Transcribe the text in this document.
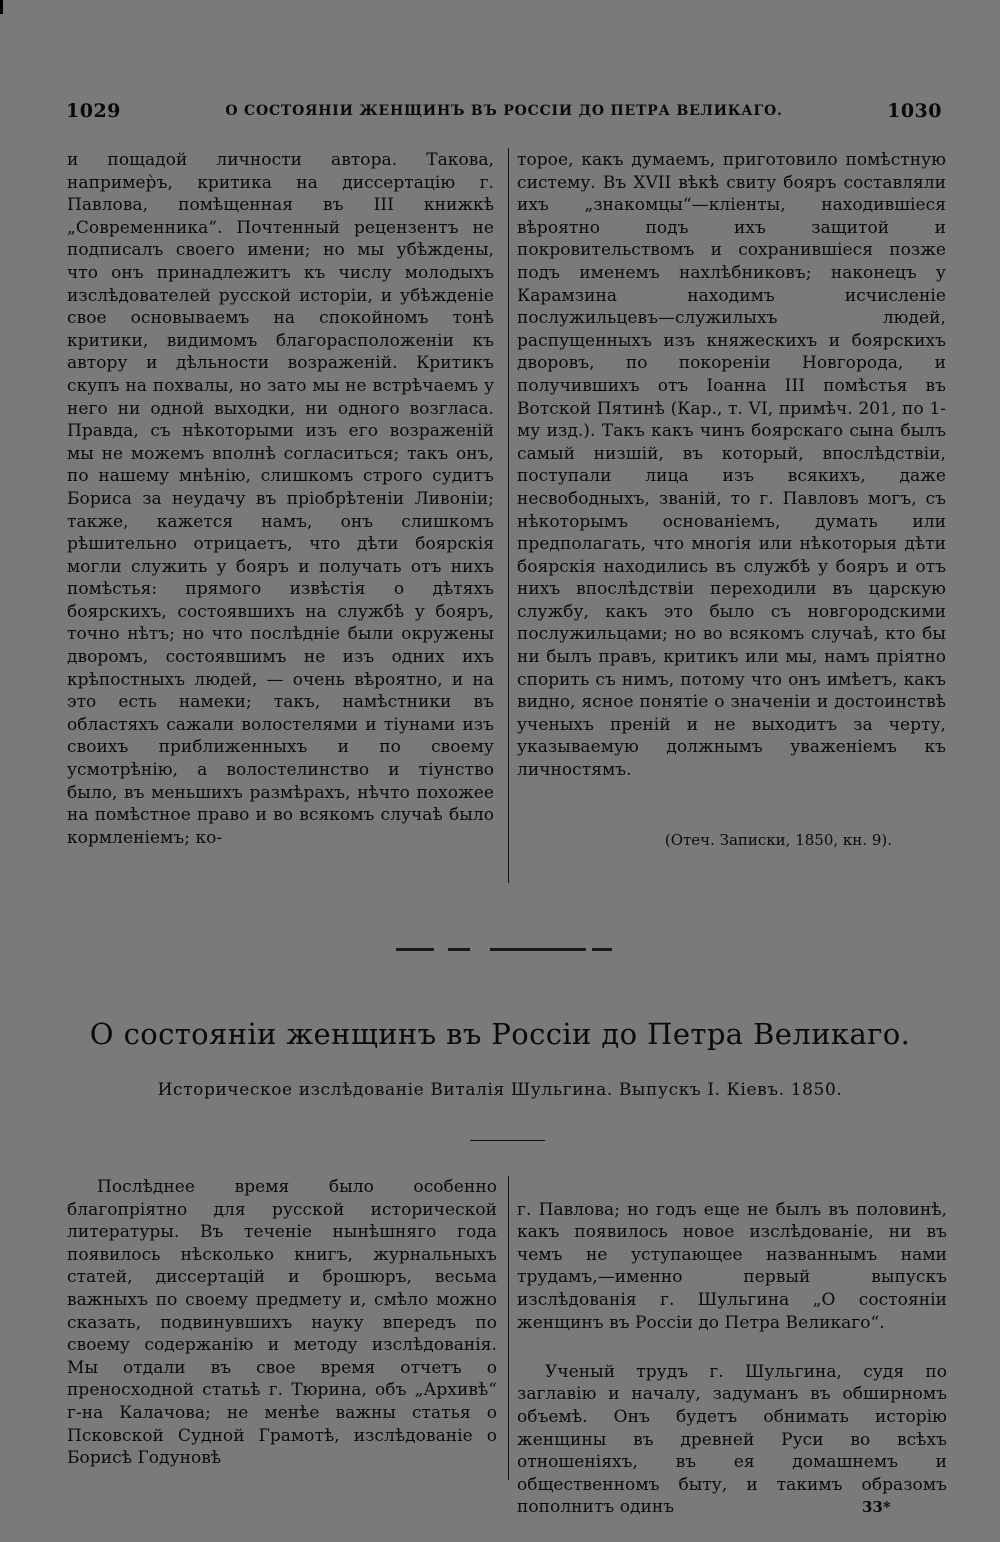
1029	О СОСТОЯНІИ ЖЕНЩИНЪ ВЪ РОССІИ ДО ПЕТРА ВЕЛИКАГО.	1030
и пощадой личности автора. Такова, например̀ъ, критика на диссертацію г. Павлова, помѣщенная въ III книжкѣ „Современника“. Почтенный рецензентъ не подписалъ своего имени; но мы убѣждены, что онъ принадлежитъ къ числу молодыхъ изслѣдователей русской исторіи, и убѣжденіе свое основываемъ на спокойномъ тонѣ критики, видимомъ благорасположеніи къ автору и дѣльности возраженій. Критикъ скупъ на похвалы, но зато мы не встрѣчаемъ у него ни одной выходки, ни одного возгласа. Правда, съ нѣкоторыми изъ его возраженій мы не можемъ вполнѣ согласиться; такъ онъ, по нашему мнѣнію, слишкомъ строго судитъ Бориса за неудачу въ пріобрѣтеніи Ливоніи; также, кажется намъ, онъ слишкомъ рѣшительно отрицаетъ, что дѣти боярскія могли служить у бояръ и получать отъ нихъ помѣстья: прямого извѣстія о дѣтяхъ боярскихъ, состоявшихъ на службѣ у бояръ, точно нѣтъ; но что послѣдніе были окружены дворомъ, состоявшимъ не изъ одних ихъ крѣпостныхъ людей, — очень вѣроятно, и на это есть намеки; такъ, намѣстники въ областяхъ сажали волостелями и тіунами изъ своихъ приближенныхъ и по своему усмотрѣнію, а волостелинство и тіунство было, въ меньшихъ размѣрахъ, нѣчто похожее на помѣстное право и во всякомъ случаѣ было кормленіемъ; ко-
торое, какъ думаемъ, приготовило помѣстную систему. Въ XVII вѣкѣ свиту бояръ составляли ихъ „знакомцы“—кліенты, находившіеся вѣроятно подъ ихъ защитой и покровительствомъ и сохранившіеся позже подъ именемъ нахлѣбниковъ; наконецъ у Карамзина находимъ исчисленіе послужильцевъ—служилыхъ людей, распущенныхъ изъ княжескихъ и боярскихъ дворовъ, по покореніи Новгорода, и получившихъ отъ Іоанна III помѣстья въ Вотской Пятинѣ (Кар., т. VI, примѣч. 201, по 1-му изд.). Такъ какъ чинъ боярскаго сына былъ самый низшій, въ который, впослѣдствіи, поступали лица изъ всякихъ, даже несвободныхъ, званій, то г. Павловъ могъ, съ нѣкоторымъ основаніемъ, думать или предполагать, что многія или нѣкоторыя дѣти боярскія находились въ службѣ у бояръ и отъ нихъ впослѣдствіи переходили въ царскую службу, какъ это было съ новгородскими послужильцами; но во всякомъ случаѣ, кто бы ни былъ правъ, критикъ или мы, намъ пріятно спорить съ нимъ, потому что онъ имѣетъ, какъ видно, ясное понятіе о значеніи и достоинствѣ ученыхъ преній и не выходитъ за черту, указываемую должнымъ уваженіемъ къ личностямъ.
(Отеч. Записки, 1850, кн. 9).
О состояніи женщинъ въ Россіи до Петра Великаго.
Историческое изслѣдованіе Виталія Шульгина. Выпускъ I. Кіевъ. 1850.
Послѣднее время было особенно благопріятно для русской исторической литературы. Въ теченіе нынѣшняго года появилось нѣсколько книгъ, журнальныхъ статей, диссертацій и брошюръ, весьма важныхъ по своему предмету и, смѣло можно сказать, подвинувшихъ науку впередъ по своему содержанію и методу изслѣдованія. Мы отдали въ свое время отчетъ о преносходной статьѣ г. Тюрина, объ „Архивѣ“ г-на Калачова; не менѣе важны статья о Псковской Судной Грамотѣ, изслѣдованіе о Борисѣ Годуновѣ

г. Павлова; но годъ еще не былъ въ половинѣ, какъ появилось новое изслѣдованіе, ни въ чемъ не уступающее названнымъ нами трудамъ,—именно первый выпускъ изслѣдованія г. Шульгина „О состояніи женщинъ въ Россіи до Петра Великаго“.

Ученый трудъ г. Шульгина, судя по заглавію и началу, задуманъ въ обширномъ объемѣ. Онъ будетъ обнимать исторію женщины въ древней Руси во всѣхъ отношеніяхъ, въ ея домашнемъ и общественномъ быту, и такимъ образомъ пополнитъ одинъ	33*
